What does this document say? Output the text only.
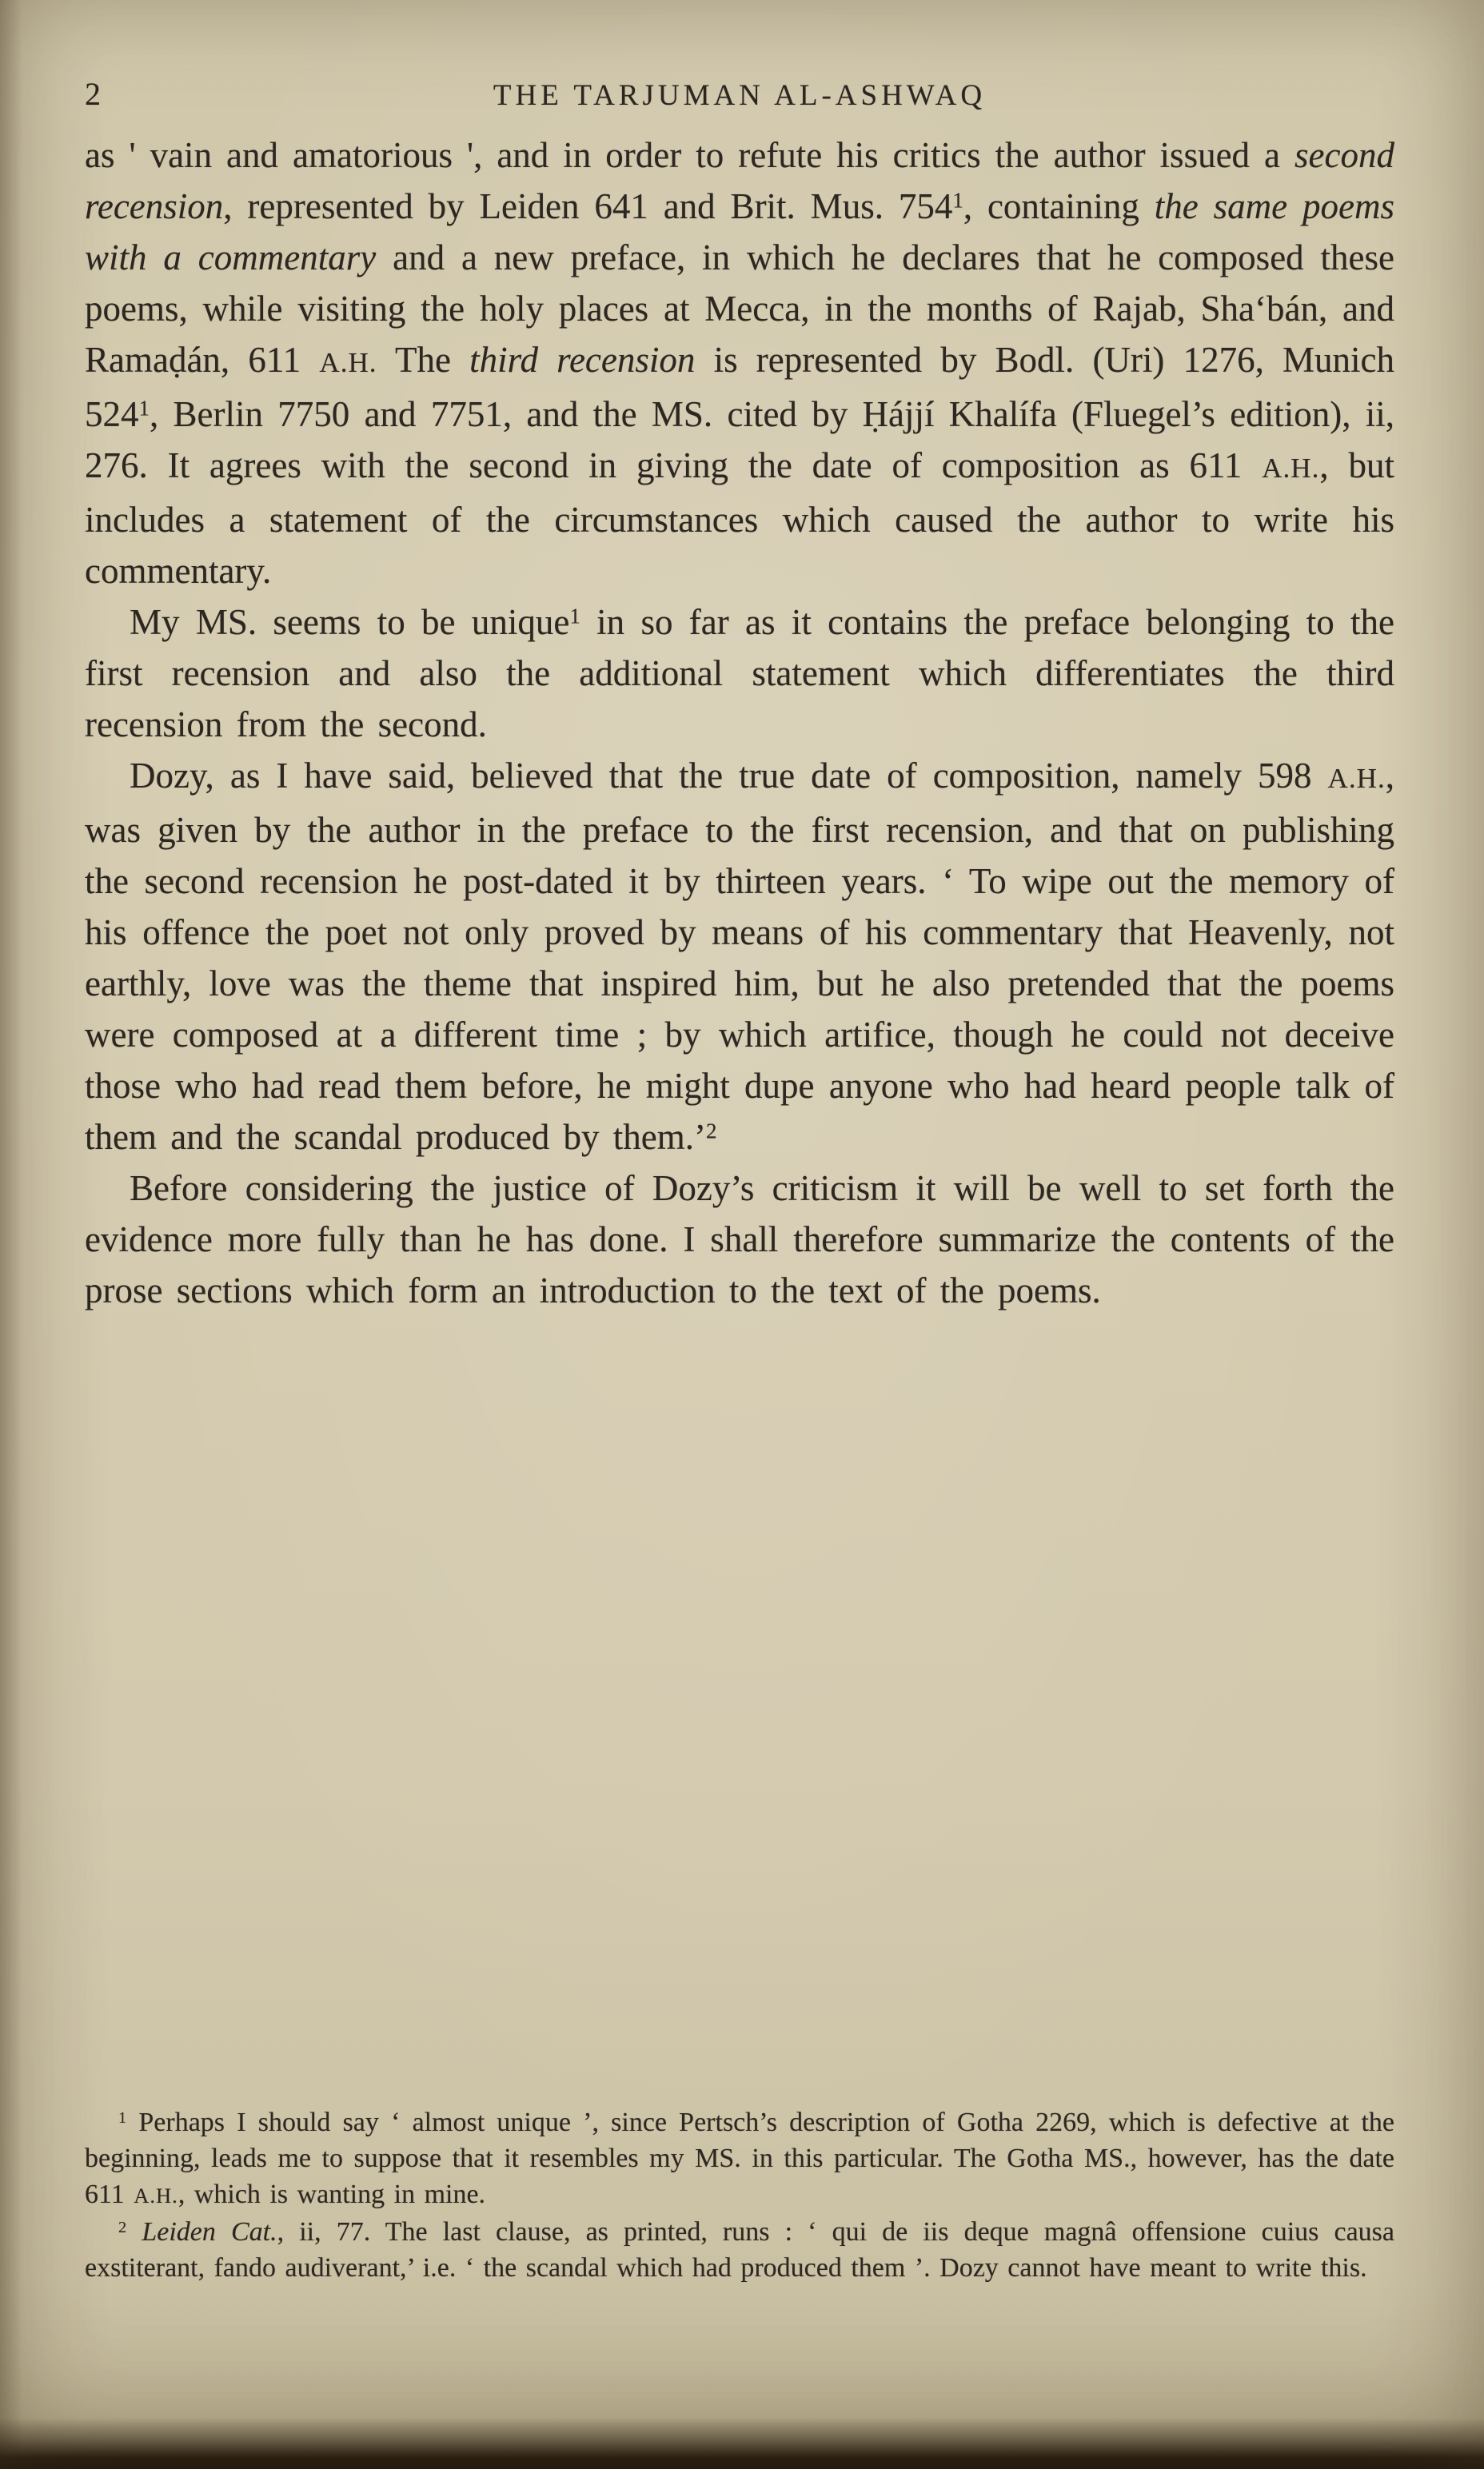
2	THE TARJUMAN AL-ASHWAQ

as ' vain and amatorious ', and in order to refute his critics the author issued a second recension, represented by Leiden 641 and Brit. Mus. $754^1$, containing the same poems with a commentary and a new preface, in which he declares that he composed these poems, while visiting the holy places at Mecca, in the months of Rajab, Sha‘bán, and Ramaḍán, 611 A.H. The third recension is represented by Bodl. (Uri) 1276, Munich $524^1$, Berlin 7750 and 7751, and the MS. cited by Ḥájjí Khalífa (Fluegel’s edition), ii, 276. It agrees with the second in giving the date of composition as 611 A.H., but includes a statement of the circumstances which caused the author to write his commentary.

My MS. seems to be unique$^1$ in so far as it contains the preface belonging to the first recension and also the additional statement which differentiates the third recension from the second.

Dozy, as I have said, believed that the true date of composition, namely 598 A.H., was given by the author in the preface to the first recension, and that on publishing the second recension he post-dated it by thirteen years. ‘ To wipe out the memory of his offence the poet not only proved by means of his commentary that Heavenly, not earthly, love was the theme that inspired him, but he also pretended that the poems were composed at a different time ; by which artifice, though he could not deceive those who had read them before, he might dupe anyone who had heard people talk of them and the scandal produced by them.’$^2$

Before considering the justice of Dozy’s criticism it will be well to set forth the evidence more fully than he has done. I shall therefore summarize the contents of the prose sections which form an introduction to the text of the poems.

$^1$ Perhaps I should say ‘ almost unique ’, since Pertsch’s description of Gotha 2269, which is defective at the beginning, leads me to suppose that it resembles my MS. in this particular. The Gotha MS., however, has the date 611 A.H., which is wanting in mine.

$^2$ Leiden Cat., ii, 77. The last clause, as printed, runs : ‘ qui de iis deque magnâ offensione cuius causa exstiterant, fando audiverant,’ i.e. ‘ the scandal which had produced them ’. Dozy cannot have meant to write this.
